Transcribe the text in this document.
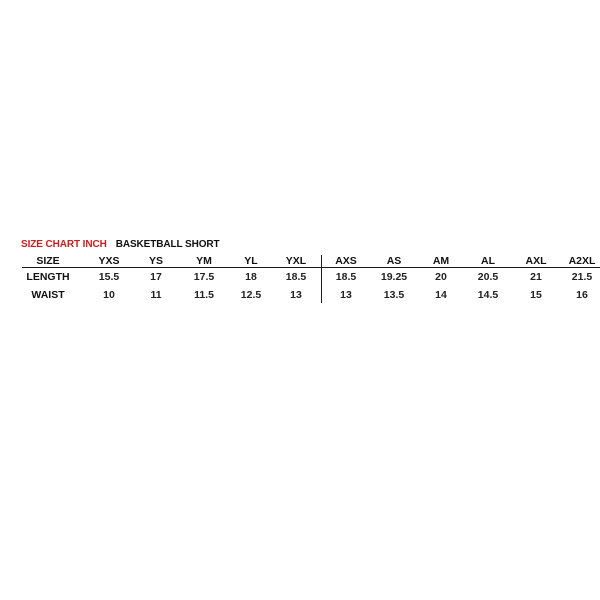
SIZE CHART INCH BASKETBALL SHORT
SIZE	YXS	YS	YM	YL	YXL	AXS	AS	AM	AL	AXL A2XL
LENGTH	15.5	17	17.5	18	18.5	18.5 19.25	20	20.5	21	21.5
WAIST	10	11	11.5	12.5	13	13	13.5	14	14.5	15	16
